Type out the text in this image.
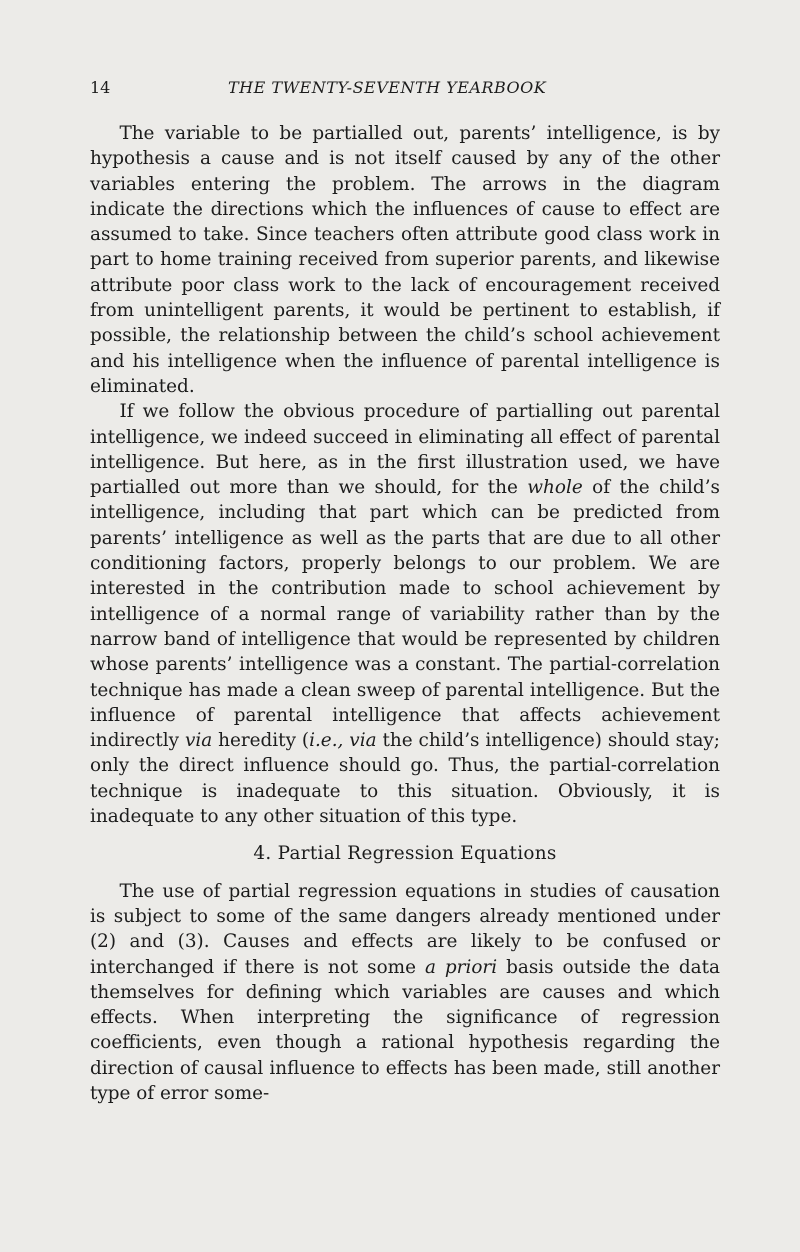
14	THE TWENTY-SEVENTH YEARBOOK

The variable to be partialled out, parents’ intelligence, is by hypothesis a cause and is not itself caused by any of the other variables entering the problem. The arrows in the diagram indicate the directions which the influences of cause to effect are assumed to take. Since teachers often attribute good class work in part to home training received from superior parents, and likewise attribute poor class work to the lack of encouragement received from unintelligent parents, it would be pertinent to establish, if possible, the relationship between the child’s school achievement and his intelligence when the influence of parental intelligence is eliminated.

If we follow the obvious procedure of partialling out parental intelligence, we indeed succeed in eliminating all effect of parental intelligence. But here, as in the first illustration used, we have partialled out more than we should, for the whole of the child’s intelligence, including that part which can be predicted from parents’ intelligence as well as the parts that are due to all other conditioning factors, properly belongs to our problem. We are interested in the contribution made to school achievement by intelligence of a normal range of variability rather than by the narrow band of intelligence that would be represented by children whose parents’ intelligence was a constant. The partial-correlation technique has made a clean sweep of parental intelligence. But the influence of parental intelligence that affects achievement indirectly via heredity (i.e., via the child’s intelligence) should stay; only the direct influence should go. Thus, the partial-correlation technique is inadequate to this situation. Obviously, it is inadequate to any other situation of this type.

4. Partial Regression Equations

The use of partial regression equations in studies of causation is subject to some of the same dangers already mentioned under (2) and (3). Causes and effects are likely to be confused or interchanged if there is not some a priori basis outside the data themselves for defining which variables are causes and which effects. When interpreting the significance of regression coefficients, even though a rational hypothesis regarding the direction of causal influence to effects has been made, still another type of error some-
